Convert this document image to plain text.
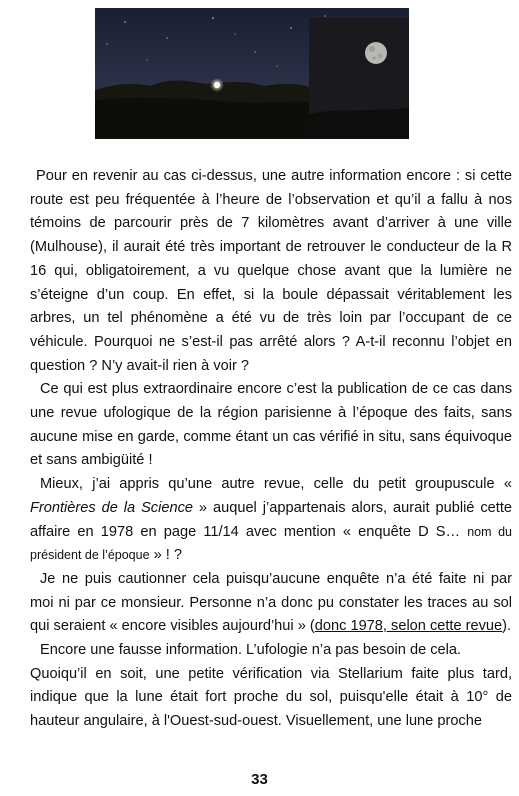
Pour en revenir au cas ci-dessus, une autre information encore : si cette route est peu fréquentée à l’heure de l’observation et qu’il a fallu à nos témoins de parcourir près de 7 kilomètres avant d’arriver à une ville (Mulhouse), il aurait été très important de retrouver le conducteur de la R 16 qui, obligatoirement, a vu quelque chose avant que la lumière ne s’éteigne d’un coup. En effet, si la boule dépassait véritablement les arbres, un tel phénomène a été vu de très loin par l’occupant de ce véhicule. Pourquoi ne s’est-il pas arrêté alors ? A-t-il reconnu l’objet en question ? N’y avait-il rien à voir ?

Ce qui est plus extraordinaire encore c’est la publication de ce cas dans une revue ufologique de la région parisienne à l’époque des faits, sans aucune mise en garde, comme étant un cas vérifié in situ, sans équivoque et sans ambigüité !

Mieux, j’ai appris qu’une autre revue, celle du petit groupuscule « Frontières de la Science » auquel j’appartenais alors, aurait publié cette affaire en 1978 en page 11/14 avec mention « enquête D S… nom du président de l’époque » ! ?

Je ne puis cautionner cela puisqu’aucune enquête n’a été faite ni par moi ni par ce monsieur. Personne n’a donc pu constater les traces au sol qui seraient « encore visibles aujourd’hui » (donc 1978, selon cette revue).

Encore une fausse information. L’ufologie n’a pas besoin de cela.

Quoiqu’il en soit, une petite vérification via Stellarium faite plus tard, indique que la lune était fort proche du sol, puisqu'elle était à 10° de hauteur angulaire, à l'Ouest-sud-ouest. Visuellement, une lune proche

33
